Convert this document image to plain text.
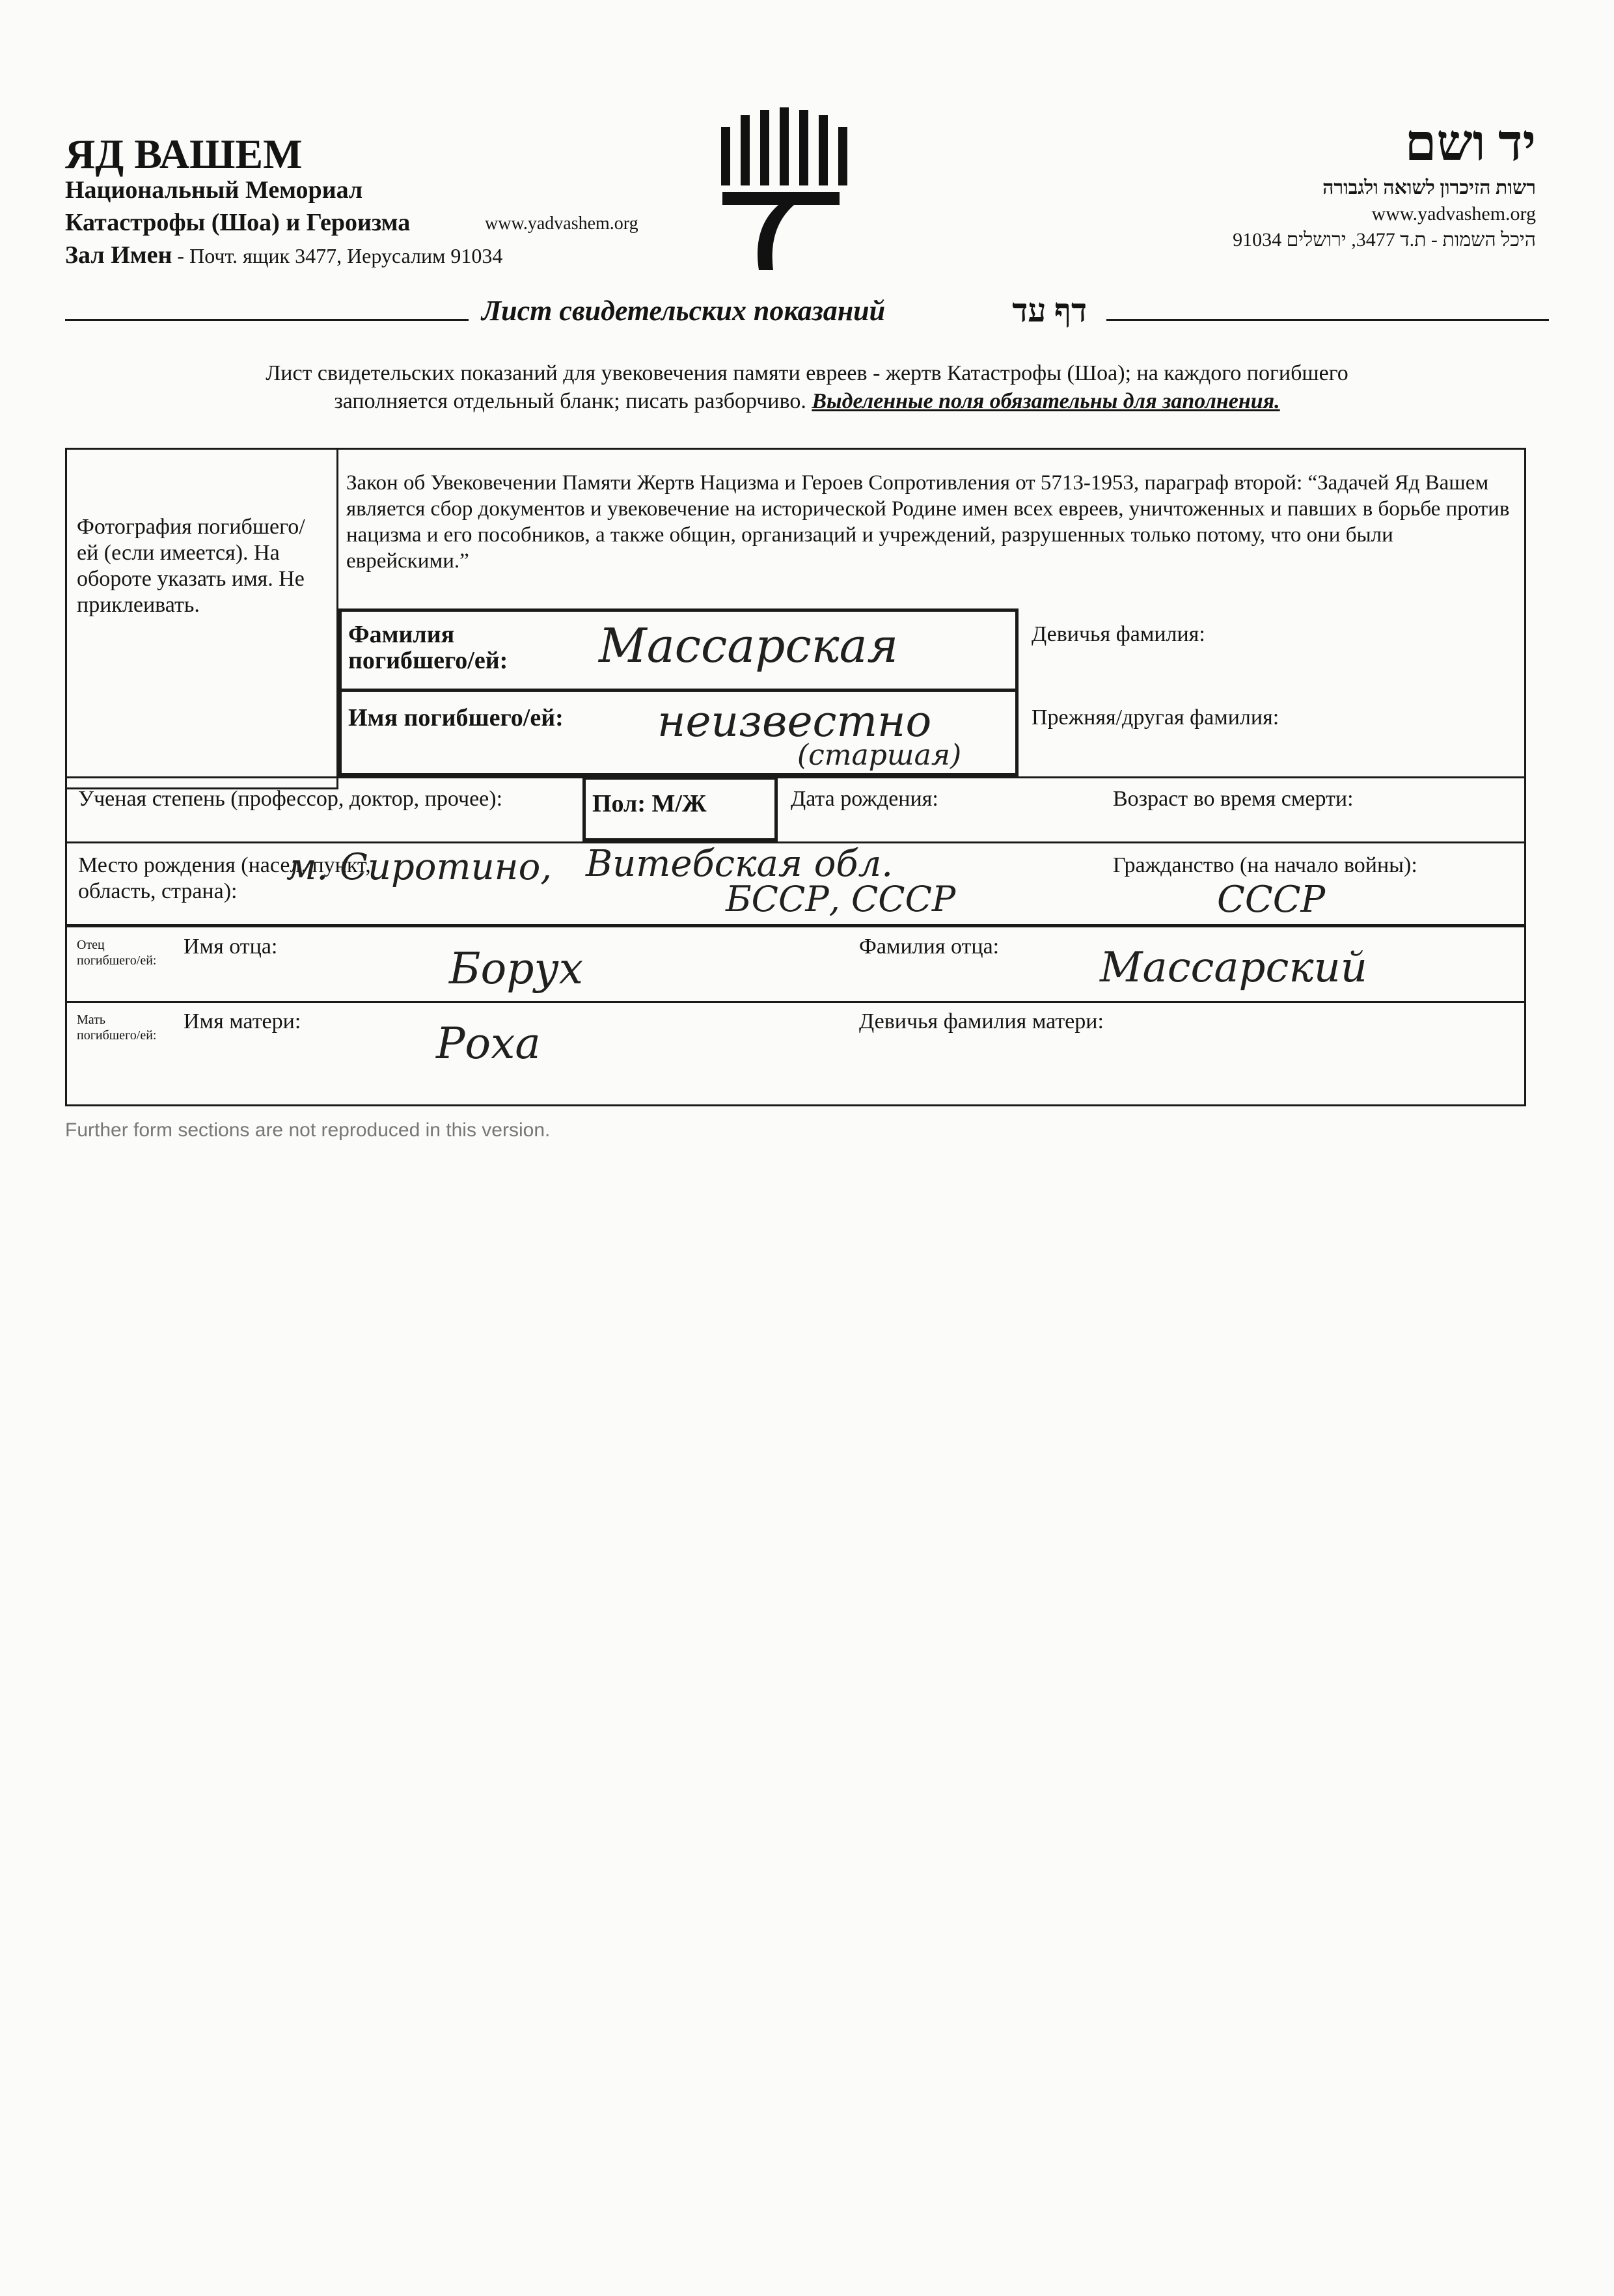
ЯД ВАШЕМ
Национальный Мемориал
Катастрофы (Шоа) и Героизма
Зал Имен - Почт. ящик 3477, Иерусалим 91034
www.yadvashem.org
יד ושם
רשות הזיכרון לשואה ולגבורה
www.yadvashem.org
היכל השמות - ת.ד 3477, ירושלים 91034
Лист свидетельских показаний	דף עד
Лист свидетельских показаний для увековечения памяти евреев - жертв Катастрофы (Шоа); на каждого погибшего
заполняется отдельный бланк; писать разборчиво. Выделенные поля обязательны для заполнения.
Фотография погибшего/ей (если имеется). На обороте указать имя. Не приклеивать.
Закон об Увековечении Памяти Жертв Нацизма и Героев Сопротивления от 5713-1953, параграф второй: “Задачей Яд Вашем является сбор документов и увековечение на исторической Родине имен всех евреев, уничтоженных и павших в борьбе против нацизма и его пособников, а также общин, организаций и учреждений, разрушенных только потому, что они были еврейскими.”
Фамилия погибшего/ей:	Массарская	Девичья фамилия:
Имя погибшего/ей:	неизвестно
(старшая)
Прежняя/другая фамилия:
Ученая степень (профессор, доктор, прочее):	Пол: М/Ж	Дата рождения:	Возраст во время смерти:
Место рождения (насел. пункт, область, страна):
м. Сиротино, Витебская обл.
БССР, СССР
Гражданство (на начало войны):
СССР
Отец погибшего/ей:
Имя отца:	Борух	Фамилия отца: Массарский
Мать погибшего/ей:
Имя матери:	Роха	Девичья фамилия матери:
Further form sections are not reproduced in this version.
